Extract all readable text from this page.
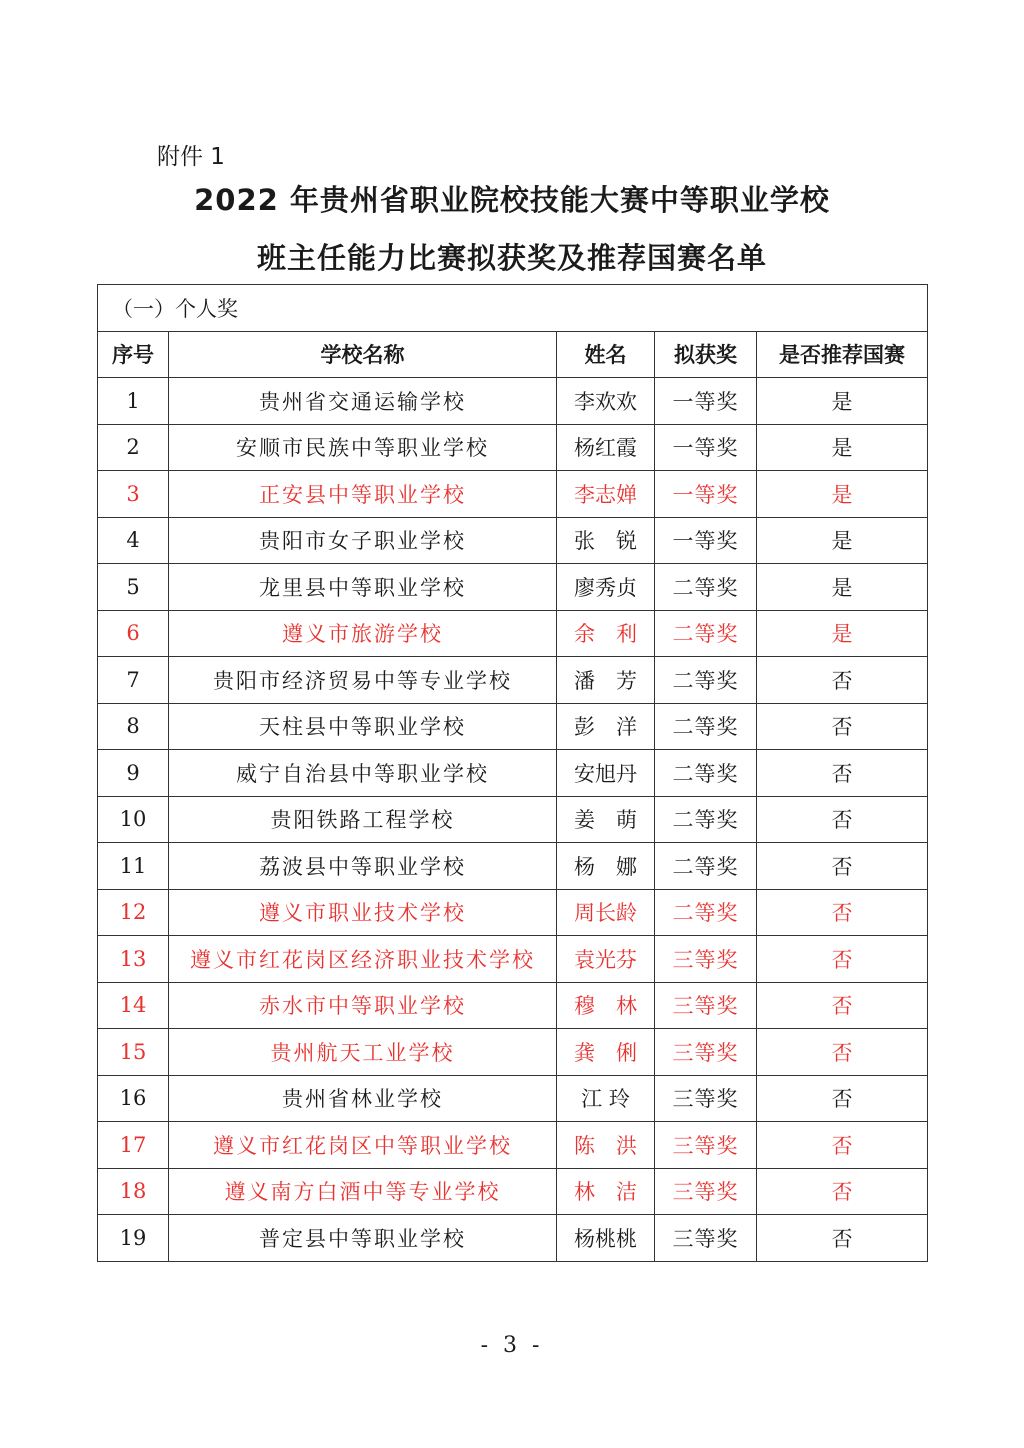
附件 1
2022 年贵州省职业院校技能大赛中等职业学校
班主任能力比赛拟获奖及推荐国赛名单
（一）个人奖				
序号	学校名称	姓名	拟获奖	是否推荐国赛
1	贵州省交通运输学校	李欢欢	一等奖	是
2	安顺市民族中等职业学校	杨红霞	一等奖	是
3	正安县中等职业学校	李志婵	一等奖	是
4	贵阳市女子职业学校	张　锐	一等奖	是
5	龙里县中等职业学校	廖秀贞	二等奖	是
6	遵义市旅游学校	余　利	二等奖	是
7	贵阳市经济贸易中等专业学校	潘　芳	二等奖	否
8	天柱县中等职业学校	彭　洋	二等奖	否
9	威宁自治县中等职业学校	安旭丹	二等奖	否
10	贵阳铁路工程学校	姜　萌	二等奖	否
11	荔波县中等职业学校	杨　娜	二等奖	否
12	遵义市职业技术学校	周长龄	二等奖	否
13	遵义市红花岗区经济职业技术学校	袁光芬	三等奖	否
14	赤水市中等职业学校	穆　林	三等奖	否
15	贵州航天工业学校	龚　俐	三等奖	否
16	贵州省林业学校	江 玲	三等奖	否
17	遵义市红花岗区中等职业学校	陈　洪	三等奖	否
18	遵义南方白酒中等专业学校	林　洁	三等奖	否
19	普定县中等职业学校	杨桃桃	三等奖	否
- 3 -
